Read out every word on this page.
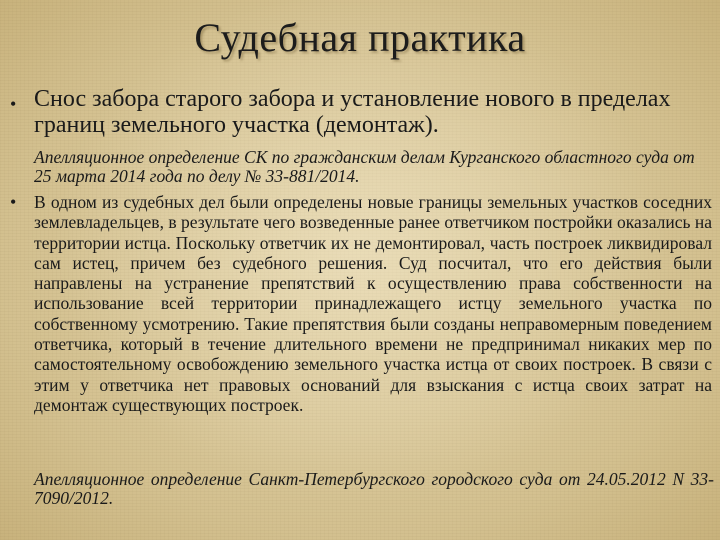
Судебная практика
• Снос забора старого забора и установление нового в пределах границ земельного участка (демонтаж).
Апелляционное определение СК по гражданским делам Курганского областного суда от 25 марта 2014 года по делу № 33-881/2014.
•	В одном из судебных дел были определены новые границы земельных участков соседних землевладельцев, в результате чего возведенные ранее ответчиком постройки оказались на территории истца. Поскольку ответчик их не демонтировал, часть построек ликвидировал сам истец, причем без судебного решения. Суд посчитал, что его действия были направлены на устранение препятствий к осуществлению права собственности на использование всей территории принадлежащего истцу земельного участка по собственному усмотрению. Такие препятствия были созданы неправомерным поведением ответчика, который в течение длительного времени не предпринимал никаких мер по самостоятельному освобождению земельного участка истца от своих построек. В связи с этим у ответчика нет правовых оснований для взыскания с истца своих затрат на демонтаж существующих построек.
Апелляционное определение Санкт-Петербургского городского суда от 24.05.2012 N 33-7090/2012.
